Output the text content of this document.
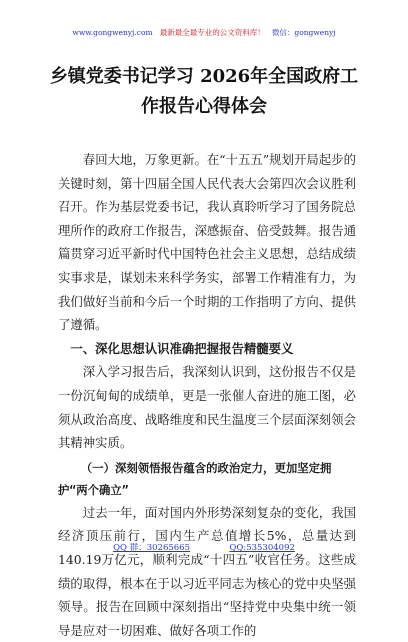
www.gongwenyj.com 最新最全最专业的公文资料库！ 微信：gongwenyj
乡镇党委书记学习 2026年全国政府工
作报告心得体会

春回大地，万象更新。在“十五五”规划开局起步的关键时刻，第十四届全国人民代表大会第四次会议胜利召开。作为基层党委书记，我认真聆听学习了国务院总理所作的政府工作报告，深感振奋、倍受鼓舞。报告通篇贯穿习近平新时代中国特色社会主义思想，总结成绩实事求是，谋划未来科学务实，部署工作精准有力，为我们做好当前和今后一个时期的工作指明了方向、提供了遵循。

一、深化思想认识准确把握报告精髓要义

深入学习报告后，我深刻认识到，这份报告不仅是一份沉甸甸的成绩单，更是一张催人奋进的施工图，必须从政治高度、战略维度和民生温度三个层面深刻领会其精神实质。

（一）深刻领悟报告蕴含的政治定力，更加坚定拥护“两个确立”

过去一年，面对国内外形势深刻复杂的变化，我国经济顶压前行，国内生产总值增长5%，总量达到140.19万亿元，顺利完成“十四五”收官任务。这些成绩的取得，根本在于以习近平同志为核心的党中央坚强领导。报告在回顾中深刻指出“坚持党中央集中统一领导是应对一切困难、做好各项工作的

QQ 群：30265665	QQ:535304092
